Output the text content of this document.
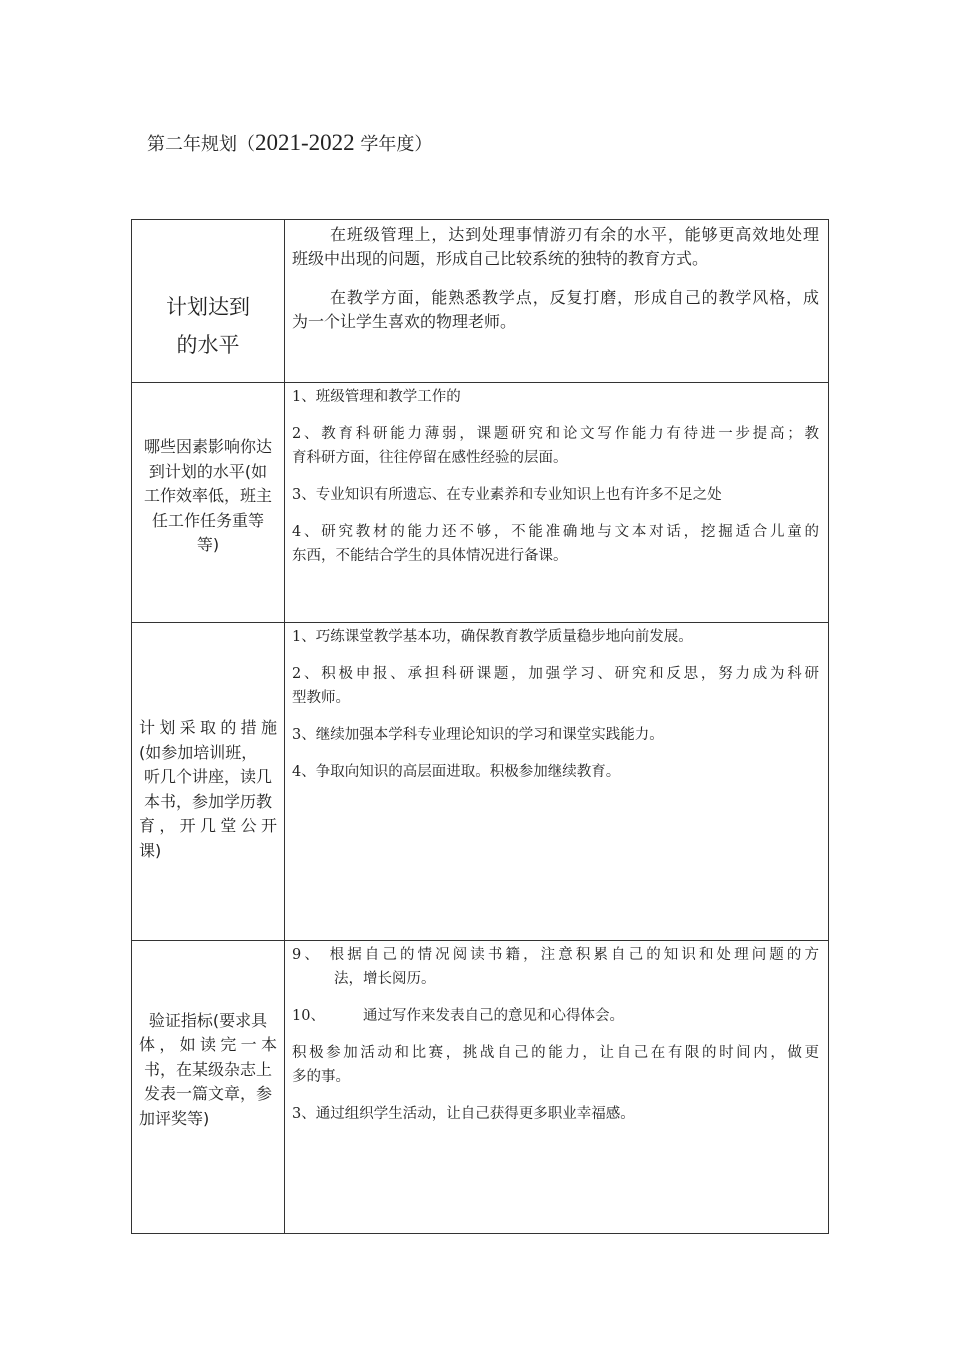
第二年规划（2021-2022 学年度）
计划达到
的水平
在班级管理上，达到处理事情游刃有余的水平，能够更高效地处理
班级中出现的问题，形成自己比较系统的独特的教育方式。
在教学方面，能熟悉教学点，反复打磨，形成自己的教学风格，成
为一个让学生喜欢的物理老师。
哪些因素影响你达
到计划的水平(如
工作效率低，班主
任工作任务重等
等)
1、班级管理和教学工作的
2、教育科研能力薄弱，课题研究和论文写作能力有待进一步提高；教
育科研方面，往往停留在感性经验的层面。
3、专业知识有所遗忘、在专业素养和专业知识上也有许多不足之处
4、研究教材的能力还不够，不能准确地与文本对话，挖掘适合儿童的
东西，不能结合学生的具体情况进行备课。
计划采取的措施
(如参加培训班，
听几个讲座，读几
本书，参加学历教
育，开几堂公开
课)
1、巧练课堂教学基本功，确保教育教学质量稳步地向前发展。
2、积极申报、承担科研课题，加强学习、研究和反思，努力成为科研
型教师。
3、继续加强本学科专业理论知识的学习和课堂实践能力。
4、争取向知识的高层面进取。积极参加继续教育。
验证指标(要求具
体，如读完一本
书，在某级杂志上
发表一篇文章，参
加评奖等)
9、 根据自己的情况阅读书籍，注意积累自己的知识和处理问题的方
法，增长阅历。
10、	通过写作来发表自己的意见和心得体会。
积极参加活动和比赛，挑战自己的能力，让自己在有限的时间内，做更
多的事。
3、通过组织学生活动，让自己获得更多职业幸福感。
